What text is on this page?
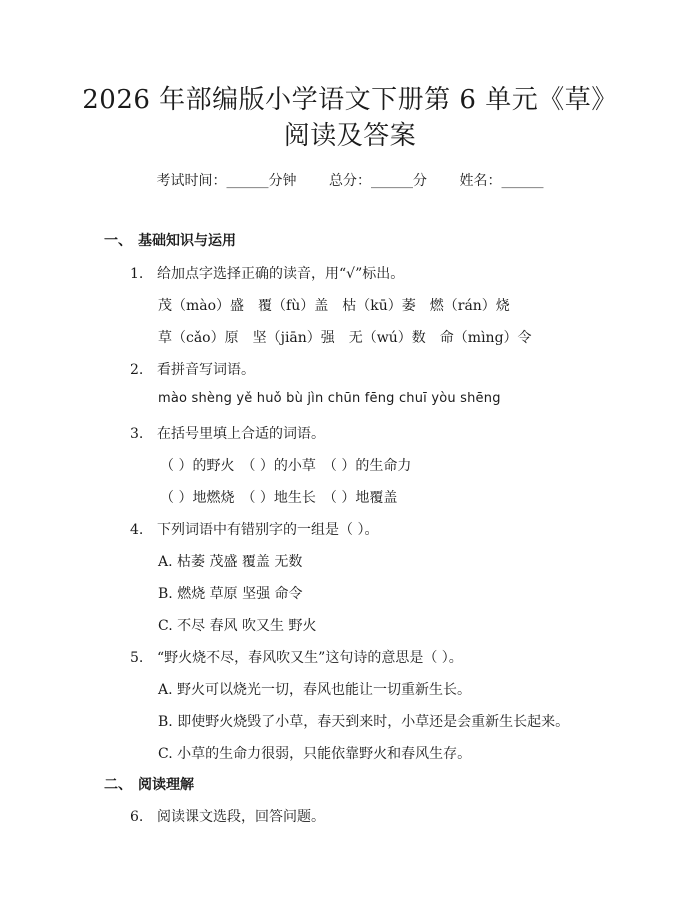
2026 年部编版小学语文下册第 6 单元《草》
阅读及答案
考试时间：______分钟 总分：______分 姓名：______
一、 基础知识与运用
1. 给加点字选择正确的读音，用“√”标出。
茂（mào）盛　覆（fù）盖　枯（kū）萎　燃（rán）烧
草（cǎo）原　坚（jiān）强　无（wú）数　命（mìng）令
2. 看拼音写词语。
mào shèng yě huǒ bù jìn chūn fēng chuī yòu shēng
3. 在括号里填上合适的词语。
（ ）的野火　（ ）的小草　（ ）的生命力
（ ）地燃烧　（ ）地生长　（ ）地覆盖
4. 下列词语中有错别字的一组是（ ）。
A. 枯萎 茂盛 覆盖 无数
B. 燃烧 草原 坚强 命令
C. 不尽 春风 吹又生 野火
5. “野火烧不尽，春风吹又生”这句诗的意思是（ ）。
A. 野火可以烧光一切，春风也能让一切重新生长。
B. 即使野火烧毁了小草，春天到来时，小草还是会重新生长起来。
C. 小草的生命力很弱，只能依靠野火和春风生存。
二、 阅读理解
6. 阅读课文选段，回答问题。
